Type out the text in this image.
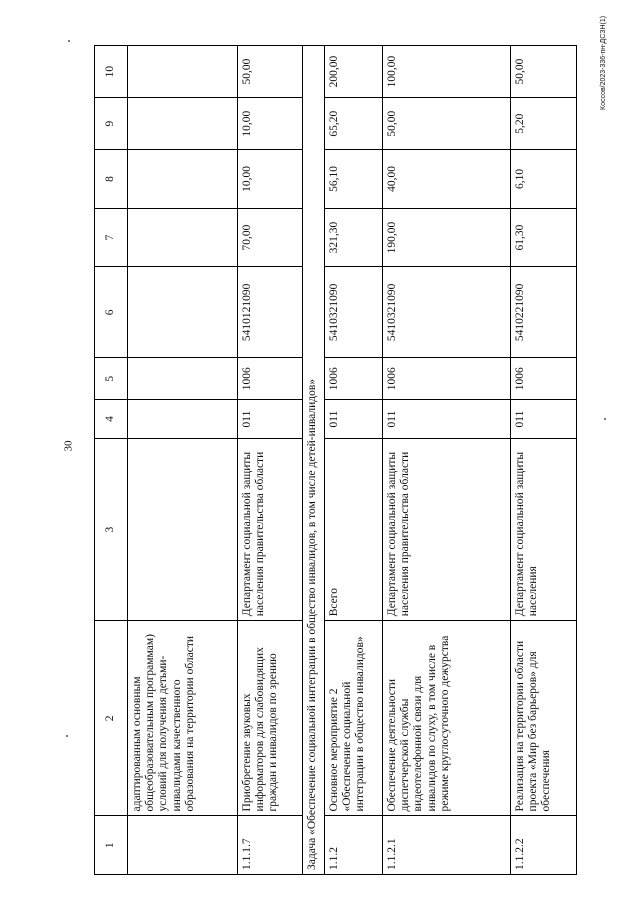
30
Коссов/2023-336-пн-ДСЗН(1)
1	2	3	4	5	6	7	8	9	10
	адаптированным основным общеобразовательным программам) условий для получения детьми-инвалидами качественного образования на территории области								
1.1.1.7	Приобретение звуковых информаторов для слабовидящих граждан и инвалидов по зрению	Департамент социальной защиты населения правительства области	011	1006	5410121090	70,00	10,00	10,00	50,00
Задача «Обеспечение социальной интеграции в общество инвалидов, в том числе детей-инвалидов»									
1.1.2	Основное мероприятие 2 «Обеспечение социальной интеграции в общество инвалидов»	Всего	011	1006	5410321090	321,30	56,10	65,20	200,00
1.1.2.1	Обеспечение деятельности диспетчерской службы видеотелефонной связи для инвалидов по слуху, в том числе в режиме круглосуточного дежурства	Департамент социальной защиты населения правительства области	011	1006	5410321090	190,00	40,00	50,00	100,00
1.1.2.2	Реализация на территории области проекта «Мир без барьеров» для обеспечения	Департамент социальной защиты населения	011	1006	5410221090	61,30	6,10	5,20	50,00
